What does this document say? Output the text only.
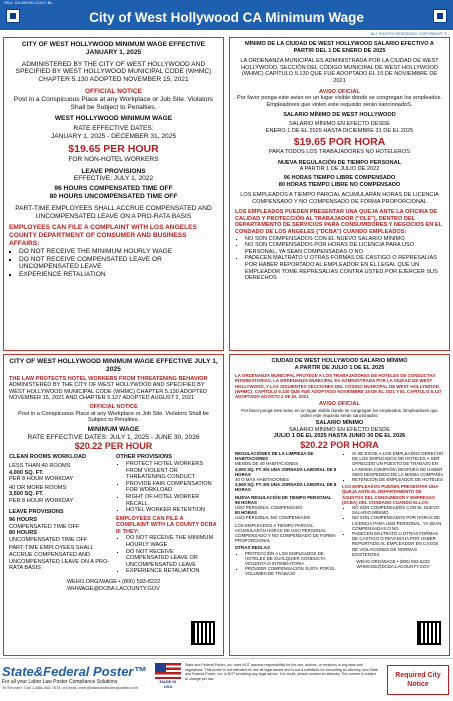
SKU: CA-WEHO-11X17-BL
City of West Hollywood CA Minimum Wage
ALL RIGHTS RESERVED. COPYRIGHT ©
CITY OF WEST HOLLYWOOD MINIMUM WAGE EFFECTIVE JANUARY 1, 2025
ADMINISTERED BY THE CITY OF WEST HOLLYWOOD AND SPECIFIED BY WEST HOLLYWOOD MUNICIPAL CODE (WHMC) CHAPTER 5.130 ADOPTED NOVEMBER 15, 2021
OFFICIAL NOTICE
Post in a Conspicuous Place at any Workplace or Job Site. Violators Shall be Subject to Penalties.
WEST HOLLYWOOD MINIMUM WAGE
RATE EFFECTIVE DATES:
JANUARY 1, 2025 - DECEMBER 31, 2025
$19.65 PER HOUR
FOR NON-HOTEL WORKERS
LEAVE PROVISIONS
EFFECTIVE: JULY 1, 2022
96 HOURS COMPENSATED TIME OFF
80 HOURS UNCOMPENSATED TIME OFF
PART-TIME EMPLOYEES SHALL ACCRUE COMPENSATED AND UNCOMPENSATED LEAVE ON A PRO-RATA BASIS
EMPLOYEES CAN FILE A COMPLAINT WITH LOS ANGELES COUNTY DEPARTMENT OF CONSUMER AND BUSINESS AFFAIRS:
▪ DO NOT RECEIVE THE MINIMUM HOURLY WAGE
▪ DO NOT RECEIVE COMPENSATED LEAVE OR UNCOMPENSATED LEAVE
▪ EXPERIENCE RETALIATION
MÍNIMO DE LA CIUDAD DE WEST HOLLYWOOD SALARIO EFECTIVO A PARTIR DEL 1 DE ENERO DE 2025
LA ORDENANZA MUNICIPAL ES ADMINISTRADA POR LA CIUDAD DE WEST HOLLYWOOD, SECCIÓN DEL CÓDIGO MUNICIPAL DE WEST HOLLYWOOD (WHMC) CAPÍTULO 5.130 QUE FUE ADOPTADO EL 15 DE NOVIEMBRE DE 2021
AVISO OFICIAL
Por favor ponga este aviso en un lugar visible donde se congregan los empleados. Empleadores que violen este requisito serán sancionadoS.
SALARIO MÍNIMO DE WEST HOLLYWOOD
SALARIO MÍNIMO EN EFECTO DESDE
ENERO 1 DE EL 2025 HASTA DICIEMBRE 31 DE EL 2025
$19.65 POR HORA
PARA TODOS LOS TRABAJADORES NO HOTELEROS
NUEVA REGULACIÓN DE TIEMPO PERSONAL
A PARTIR 1 DE JULIO DE 2022
96 HORAS TIEMPO LIBRE COMPENSADO
80 HORAS TIEMPO LIBRE NO COMPENSADO
LOS EMPLEADOS A TIEMPO PARCIAL ACUMULARÁN HORAS DE LICENCIA COMPENSADO Y NO COMPENSADO DE FORMA PROPORCIONAL
LOS EMPLEADOS PUEDEN PRESENTAR UNA QUEJA ANTE LA OFICINA DE CALIDAD Y PROTECCIÓN AL TRABAJADOR ("OLE"), DENTRO DEL DEPARTAMENTO DE SERVICIOS PARA CONSUMIDORES Y NEGOCIOS EN EL CONDADO DE LOS ANGELES ("DCBA") CUANDO EMPLEADOS:
▪ NO SON COMPENSADOS CON EL NUEVO SALARIO MÍNIMO
▪ NO SON COMPENSADOS POR HORAS DE LICENCIA PARA USO PERSONAL, YA SEAN COMPENSADAS O NO
▪ PADECEN MALTRATO U OTRAS FORMAS DE CASTIGO O REPRESALIAS POR HABER REPORTADO AL EMPLEADOR EN ÉL LEGAL QUE UN EMPLEADOR TOME REPRESALIAS CONTRA USTED POR EJERCER SUS DERECHOS
CITY OF WEST HOLLYWOOD MINIMUM WAGE EFFECTIVE JULY 1, 2025
THE LAW PROTECTS HOTEL WORKERS FROM THREATENING BEHAVIOR
ADMINISTERED BY THE CITY OF WEST HOLLYWOOD AND SPECIFIED BY WEST HOLLYWOOD MUNICIPAL CODE (WHMC) CHAPTER 5.130 ADOPTED NOVEMBER 15, 2021 AND CHAPTER 5.127 ADOPTED AUGUST 2, 2021
OFFICIAL NOTICE
Post in a Conspicuous Place at any Workplace or Job Site. Violators Shall be Subject to Penalties.
MINIMUM WAGE
RATE EFFECTIVE DATES: JULY 1, 2025 - JUNE 30, 2026
$20.22 PER HOUR
CLEAN ROOMS WORKLOAD
LESS THAN 40 ROOMS
4,000 SQ. FT.
PER 8 HOUR WORKDAY
40 OR MORE ROOMS
3,500 SQ. FT.
PER 8 HOUR WORKDAY
LEAVE PROVISIONS
96 HOURS
COMPENSATED TIME OFF
80 HOURS
UNCOMPENSATED TIME OFF
PART-TIME EMPLOYEES SHALL ACCRUE COMPENSATED AND UNCOMPENSATED LEAVE ON A PRO-RATA BASIS
OTHER PROVISIONS
▪ PROTECT HOTEL WORKERS FROM VIOLENT OR THREATENING CONDUCT
▪ PROVIDE FAIR COMPENSATION FOR WORKLOAD
▪ RIGHT OF HOTEL WORKER RECALL
▪ HOTEL WORKER RETENTION
EMPLOYEES CAN FILE A COMPLAINT WITH LA COUNTY DCBA IF THEY:
▪ DO NOT RECEIVE THE MINIMUM HOURLY WAGE
▪ DO NOT RECEIVE COMPENSATED LEAVE OR UNCOMPENSATED LEAVE
▪ EXPERIENCE RETALIATION
WEHO.ORG/WAGE • (800) 593-8222
WHWAGE@DCBA.LACOUNTY.GOV
CIUDAD DE WEST HOLLYWOOD SALARIO MÍNIMO
A PARTIR DE JULIO 1 DE EL 2025
LA ORDENANZA MUNICIPAL PROTEGE A LOS TRABAJADORES DE HOTELES DE CONDUCTAS INTIMIDATORIAS. LA ORDENANZA MUNICIPAL ES ADMINISTRADA POR LA CIUDAD DE WEST HOLLYWOOD, Y LAS SIGUIENTES SECCIONES DEL CÓDIGO MUNICIPAL DE WEST HOLLYWOOD (WHMC): CAPÍTULO 5.130 QUE FUE ADOPTADO NOVIEMBRE 15 DE EL 2021 Y EL CAPÍTULO 5.127 ADOPTADO AGOSTO 2 DE EL 2021
AVISO OFICIAL
Por favor ponga este aviso en un lugar visible donde se congregan los empleados. Empleadores que violen este requisito serán sancionados.
SALARIO MÍNIMO
SALARIO MÍNIMO EN EFECTO DESDE
JULIO 1 DE EL 2025 HASTA JUNIO 30 DE EL 2026
$20.22 POR HORA
REGULACIONES DE LA LIMPIEZA DE HABITACIONES
MENOS DE 40 HABITACIONES
4,000 SQ. FT. EN UNA JORNADA LABORAL DE 8 HORAS
40 O MÁS HABITACIONES
3,500 SQ. FT. EN UNA JORNADA LABORAL DE 8 HORAS
NUEVA REGULACIÓN DE TIEMPO PERSONAL
96 HORAS
USO PERSONAL COMPENSADO
80 HORAS
USO PERSONAL NO COMPENSADO
LOS EMPLEADOS A TIEMPO PARCIAL ACUMULARÁN HORAS DE USO PERSONAL COMPENSADO Y NO COMPENSADO DE FORMA PROPORCIONAL
OTRAS REGLAS
▪ PROTECCIÓN A LOS EMPLEADOS DE HOTELES DE CUALQUIER CONDUCTA VIOLENTA O INTIMIDATORIA
▪ PROVEER COMPENSACIÓN JUSTA POR EL VOLUMEN DE TRABAJO
▪ SI SE EXIGE A LOS EMPLEADOS DERECHO DE LOS EMPLEADOS DE HOTELES A SER OFRECIDO UN PUESTO DE TRABAJO EN LA MISMA COMPAÑÍA DESPUÉS DE HABER SIDO DESPEDIDO DE LA MISMA COMPAÑÍA
▪ RETENCIÓN DE EMPLEADOS DE HOTELES
LOS EMPLEADOS PUEDEN PRESENTAR UNA QUEJA ANTE EL DEPARTAMENTO DE ASUNTOS DEL CONSUMIDOR Y EMPRESAS (DCBA) DEL CONDADO CUANDO ELLOS:
▪ NO SON COMPENSADOS CON EL NUEVO SALARIO MÍNIMO
▪ NO SON COMPENSADOS POR HORAS DE LICENCIA PARA USO PERSONAL, YA SEAN COMPENSADAS O NO
▪ PADECEN MALTRATO U OTRAS FORMAS DE CASTIGO O REVANCHA POR HABER REPORTADO AL EMPLEADOR EN CASOS DE VIOLACIONES DE NORMAS EXISTENTES
WEHO.ORG/WAGE • (800) 593-8222
WHWAGE@DCBA.LACOUNTY.GOV
State&Federal Poster™
For all your Labor Law Poster Compliance Solutions
To Reorder: Call 1-888-465-7678 or Email order@stateandfederalposter.com
MADE IN USA
State and Federal Poster, Inc. does NOT assume responsibility for the use, actions, or revisions in any laws and regulations. This poster is not intended for use as legal advice and is not a substitute for consulting an attorney, and State and Federal Poster, Inc. is NOT providing any legal advice. If in doubt, please contact an attorney. The content is subject to change per law.	Required City Notice
